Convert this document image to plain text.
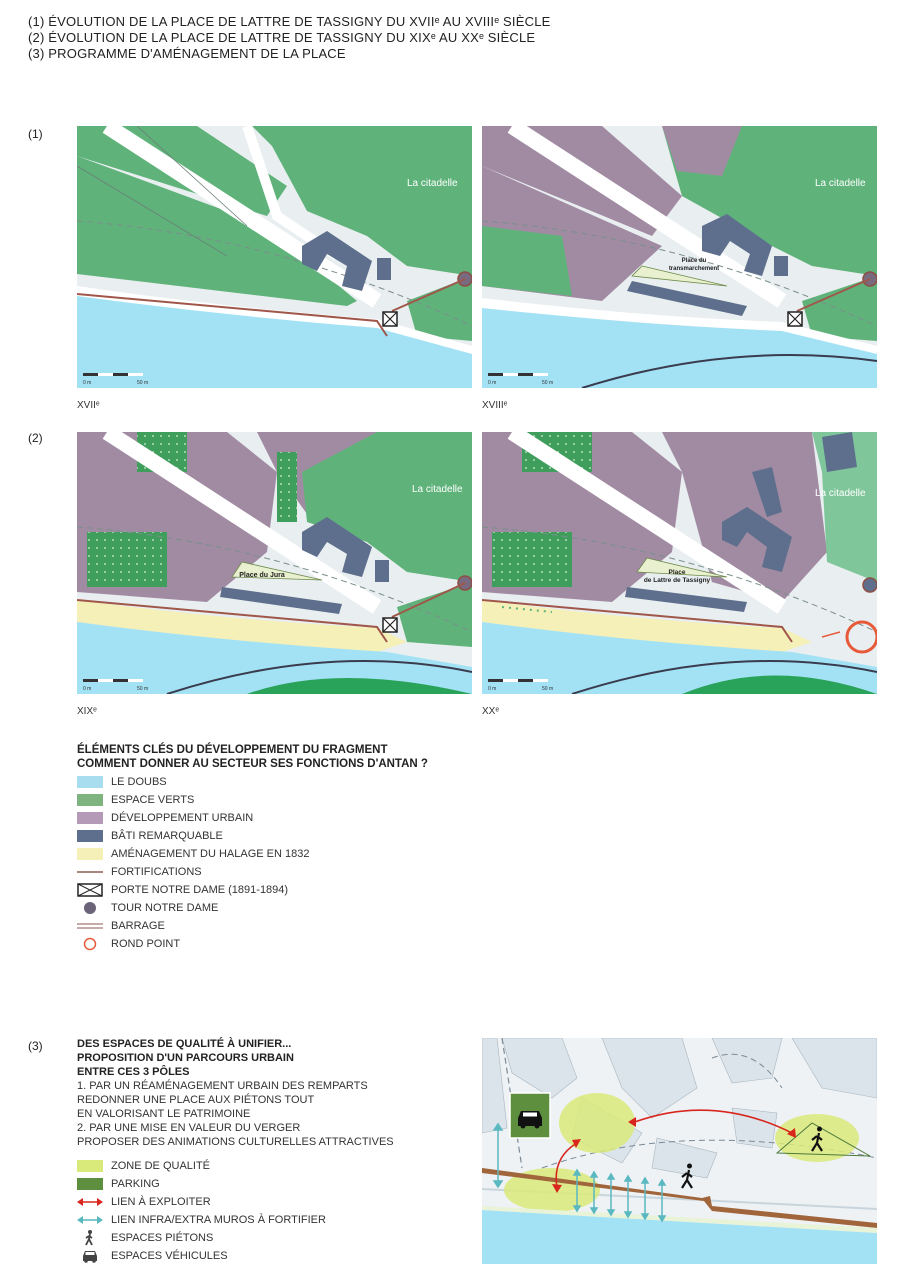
(1) ÉVOLUTION DE LA PLACE DE LATTRE DE TASSIGNY DU XVIIᵉ AU XVIIIᵉ SIÈCLE
(2) ÉVOLUTION DE LA PLACE DE LATTRE DE TASSIGNY DU XIXᵉ AU XXᵉ SIÈCLE
(3) PROGRAMME D'AMÉNAGEMENT DE LA PLACE
(1)
(2)
(3)
0 m	50 m
La citadelle
XVIIᵉ
0 m	50 m
La citadelle
Place du
transmarchement
XVIIIᵉ
0 m	50 m
La citadelle
Place du Jura
XIXᵉ
0 m	50 m
La citadelle
Place
de Lattre de Tassigny
XXᵉ
ÉLÉMENTS CLÉS DU DÉVELOPPEMENT DU FRAGMENT
COMMENT DONNER AU SECTEUR SES FONCTIONS D'ANTAN ?
LE DOUBS
ESPACE VERTS
DÉVELOPPEMENT URBAIN
BÂTI REMARQUABLE
AMÉNAGEMENT DU HALAGE EN 1832
FORTIFICATIONS
PORTE NOTRE DAME (1891-1894)
TOUR NOTRE DAME
BARRAGE
ROND POINT
DES ESPACES DE QUALITÉ À UNIFIER...
PROPOSITION D'UN PARCOURS URBAIN
ENTRE CES 3 PÔLES
1. PAR UN RÉAMÉNAGEMENT URBAIN DES REMPARTS
REDONNER UNE PLACE AUX PIÉTONS TOUT
EN VALORISANT LE PATRIMOINE
2. PAR UNE MISE EN VALEUR DU VERGER
PROPOSER DES ANIMATIONS CULTURELLES ATTRACTIVES
ZONE DE QUALITÉ
PARKING
LIEN À EXPLOITER
LIEN INFRA/EXTRA MUROS À FORTIFIER
ESPACES PIÉTONS
ESPACES VÉHICULES
